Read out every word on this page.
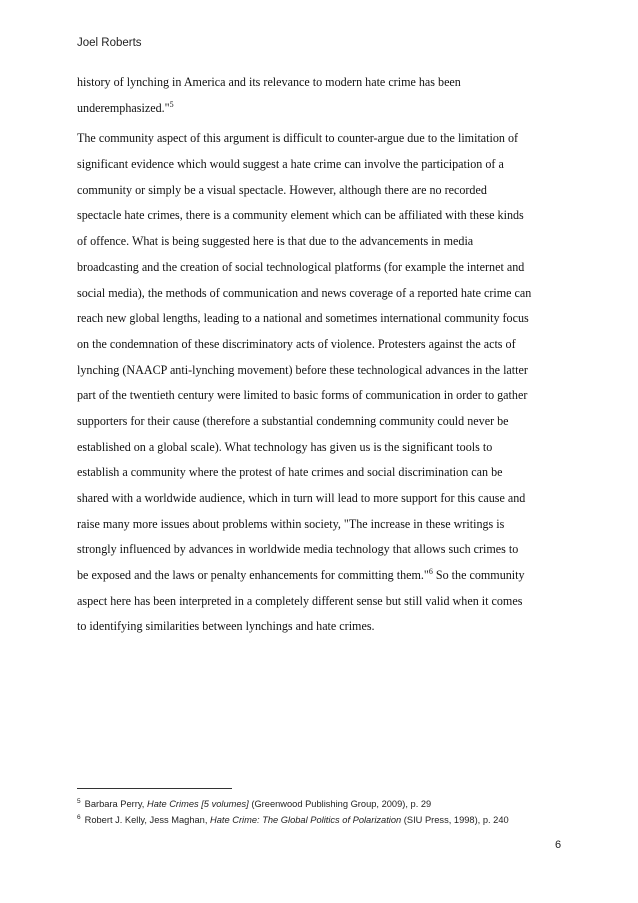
Joel Roberts
history of lynching in America and its relevance to modern hate crime has been
underemphasized."$^5$
The community aspect of this argument is difficult to counter-argue due to the limitation of
significant evidence which would suggest a hate crime can involve the participation of a
community or simply be a visual spectacle. However, although there are no recorded
spectacle hate crimes, there is a community element which can be affiliated with these kinds
of offence. What is being suggested here is that due to the advancements in media
broadcasting and the creation of social technological platforms (for example the internet and
social media), the methods of communication and news coverage of a reported hate crime can
reach new global lengths, leading to a national and sometimes international community focus
on the condemnation of these discriminatory acts of violence. Protesters against the acts of
lynching (NAACP anti-lynching movement) before these technological advances in the latter
part of the twentieth century were limited to basic forms of communication in order to gather
supporters for their cause (therefore a substantial condemning community could never be
established on a global scale). What technology has given us is the significant tools to
establish a community where the protest of hate crimes and social discrimination can be
shared with a worldwide audience, which in turn will lead to more support for this cause and
raise many more issues about problems within society, "The increase in these writings is
strongly influenced by advances in worldwide media technology that allows such crimes to
be exposed and the laws or penalty enhancements for committing them."$^6$ So the community
aspect here has been interpreted in a completely different sense but still valid when it comes
to identifying similarities between lynchings and hate crimes.
$^5$ Barbara Perry, Hate Crimes [5 volumes] (Greenwood Publishing Group, 2009), p. 29
$^6$ Robert J. Kelly, Jess Maghan, Hate Crime: The Global Politics of Polarization (SIU Press, 1998), p. 240
6
